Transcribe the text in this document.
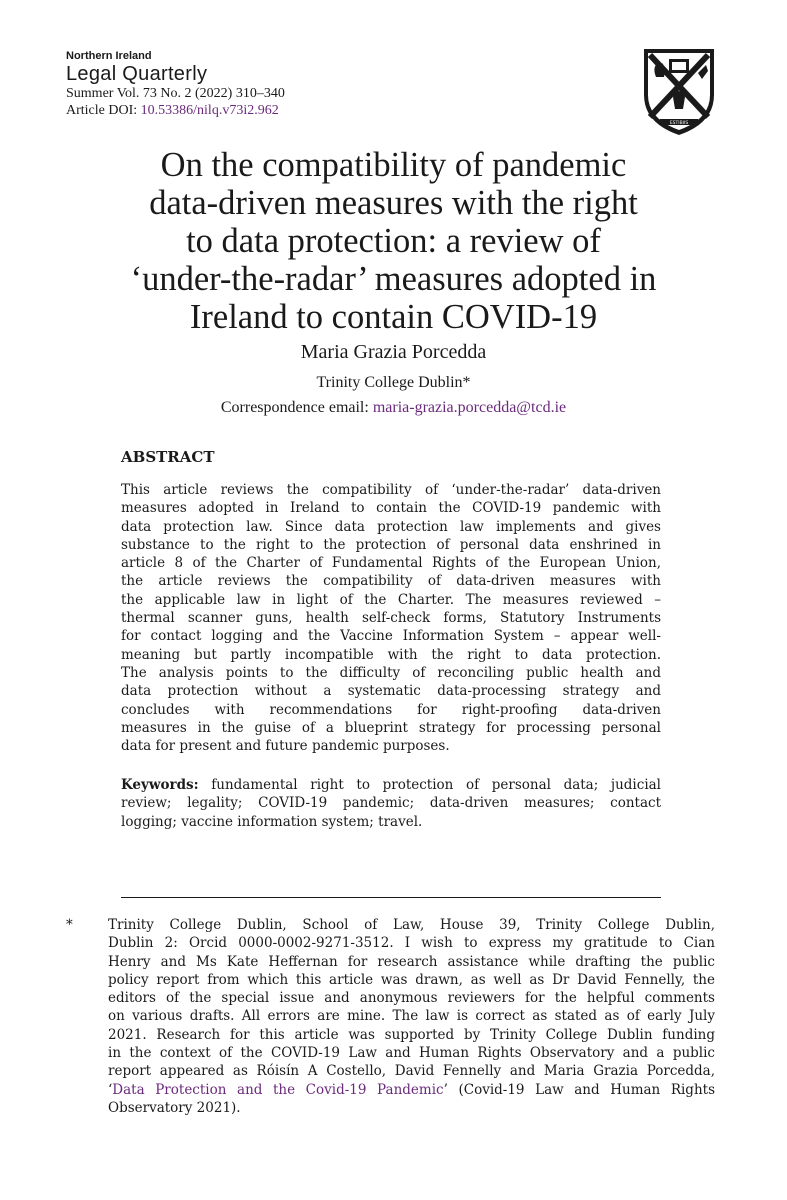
Northern Ireland
Legal Quarterly
Summer Vol. 73 No. 2 (2022) 310–340
Article DOI: 10.53386/nilq.v73i2.962
ESTIBIIS
On the compatibility of pandemic
data-driven measures with the right
to data protection: a review of
‘under-the-radar’ measures adopted in
Ireland to contain COVID-19
Maria Grazia Porcedda
Trinity College Dublin*
Correspondence email: maria-grazia.porcedda@tcd.ie
ABSTRACT
This article reviews the compatibility of ‘under-the-radar’ data-driven
measures adopted in Ireland to contain the COVID-19 pandemic with
data protection law. Since data protection law implements and gives
substance to the right to the protection of personal data enshrined in
article 8 of the Charter of Fundamental Rights of the European Union,
the article reviews the compatibility of data-driven measures with
the applicable law in light of the Charter. The measures reviewed –
thermal scanner guns, health self-check forms, Statutory Instruments
for contact logging and the Vaccine Information System – appear well-
meaning but partly incompatible with the right to data protection.
The analysis points to the difficulty of reconciling public health and
data protection without a systematic data-processing strategy and
concludes with recommendations for right-proofing data-driven
measures in the guise of a blueprint strategy for processing personal
data for present and future pandemic purposes.
Keywords: fundamental right to protection of personal data; judicial
review; legality; COVID-19 pandemic; data-driven measures; contact
logging; vaccine information system; travel.
*	Trinity College Dublin, School of Law, House 39, Trinity College Dublin,
Dublin 2: Orcid 0000-0002-9271-3512. I wish to express my gratitude to Cian
Henry and Ms Kate Heffernan for research assistance while drafting the public
policy report from which this article was drawn, as well as Dr David Fennelly, the
editors of the special issue and anonymous reviewers for the helpful comments
on various drafts. All errors are mine. The law is correct as stated as of early July
2021. Research for this article was supported by Trinity College Dublin funding
in the context of the COVID-19 Law and Human Rights Observatory and a public
report appeared as Róisín A Costello, David Fennelly and Maria Grazia Porcedda,
‘Data Protection and the Covid-19 Pandemic’ (Covid-19 Law and Human Rights
Observatory 2021).
